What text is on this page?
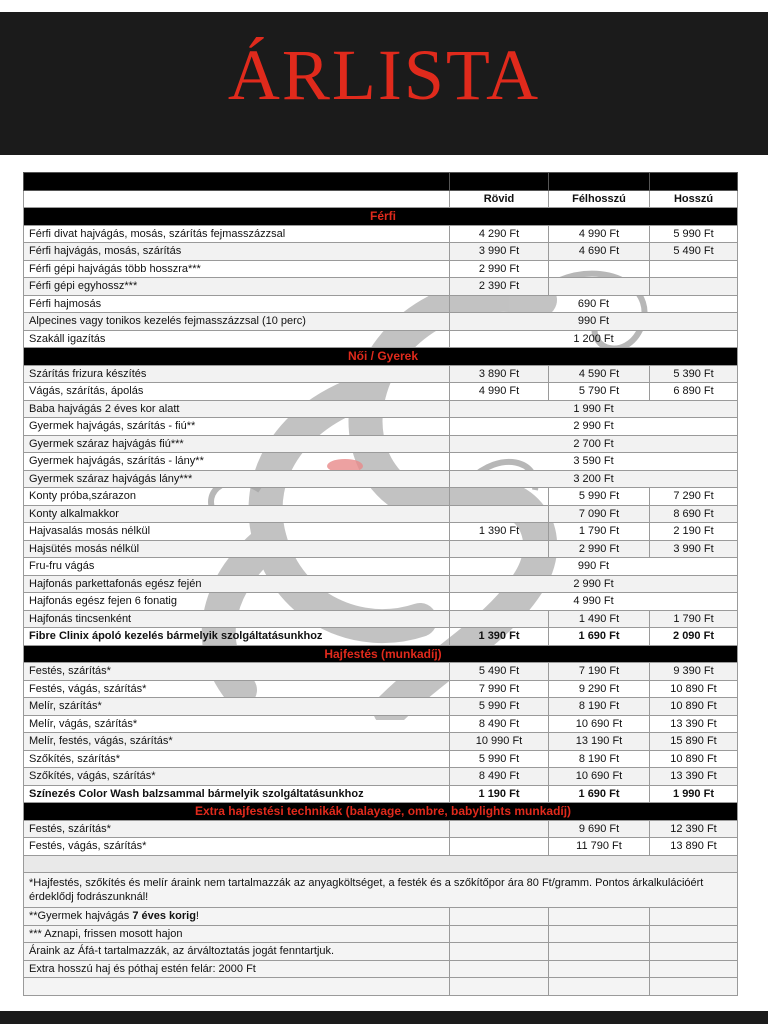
ÁRLISTA

	Rövid	Félhosszú	Hosszú
Férfi			
Férfi divat hajvágás, mosás, szárítás fejmasszázzsal	4 290 Ft	4 990 Ft	5 990 Ft
Férfi hajvágás, mosás, szárítás	3 990 Ft	4 690 Ft	5 490 Ft
Férfi gépi hajvágás több hosszra***	2 990 Ft		
Férfi gépi egyhossz***	2 390 Ft		
Férfi hajmosás	690 Ft		
Alpecines vagy tonikos kezelés fejmasszázzsal (10 perc)	990 Ft		
Szakáll igazítás	1 200 Ft		
Női / Gyerek			
Szárítás frizura készítés	3 890 Ft	4 590 Ft	5 390 Ft
Vágás, szárítás, ápolás	4 990 Ft	5 790 Ft	6 890 Ft
Baba hajvágás 2 éves kor alatt	1 990 Ft		
Gyermek hajvágás, szárítás - fiú**	2 990 Ft		
Gyermek száraz hajvágás fiú***	2 700 Ft		
Gyermek hajvágás, szárítás - lány**	3 590 Ft		
Gyermek száraz hajvágás lány***	3 200 Ft		
Konty próba,szárazon		5 990 Ft	7 290 Ft
Konty alkalmakkor		7 090 Ft	8 690 Ft
Hajvasalás mosás nélkül	1 390 Ft	1 790 Ft	2 190 Ft
Hajsütés mosás nélkül		2 990 Ft	3 990 Ft
Fru-fru vágás	990 Ft		
Hajfonás parkettafonás egész fején	2 990 Ft		
Hajfonás egész fejen 6 fonatig	4 990 Ft		
Hajfonás tincsenként		1 490 Ft	1 790 Ft
Fibre Clinix ápoló kezelés bármelyik szolgáltatásunkhoz	1 390 Ft	1 690 Ft	2 090 Ft
Hajfestés (munkadíj)			
Festés, szárítás*	5 490 Ft	7 190 Ft	9 390 Ft
Festés, vágás, szárítás*	7 990 Ft	9 290 Ft	10 890 Ft
Melír, szárítás*	5 990 Ft	8 190 Ft	10 890 Ft
Melír, vágás, szárítás*	8 490 Ft	10 690 Ft	13 390 Ft
Melír, festés, vágás, szárítás*	10 990 Ft	13 190 Ft	15 890 Ft
Szőkítés, szárítás*	5 990 Ft	8 190 Ft	10 890 Ft
Szőkítés, vágás, szárítás*	8 490 Ft	10 690 Ft	13 390 Ft
Színezés Color Wash balzsammal bármelyik szolgáltatásunkhoz	1 190 Ft	1 690 Ft	1 990 Ft
Extra hajfestési technikák (balayage, ombre, babylights munkadíj)			
Festés, szárítás*		9 690 Ft	12 390 Ft
Festés, vágás, szárítás*		11 790 Ft	13 890 Ft

*Hajfestés, szőkítés és melír áraink nem tartalmazzák az anyagköltséget, a festék és a szőkítőpor ára 80 Ft/gramm. Pontos árkalkulációért érdeklődj fodrászunknál!			
**Gyermek hajvágás 7 éves korig!			
*** Aznapi, frissen mosott hajon			
Áraink az Áfá-t tartalmazzák, az árváltoztatás jogát fenntartjuk.			
Extra hosszú haj és póthaj estén felár: 2000 Ft			
